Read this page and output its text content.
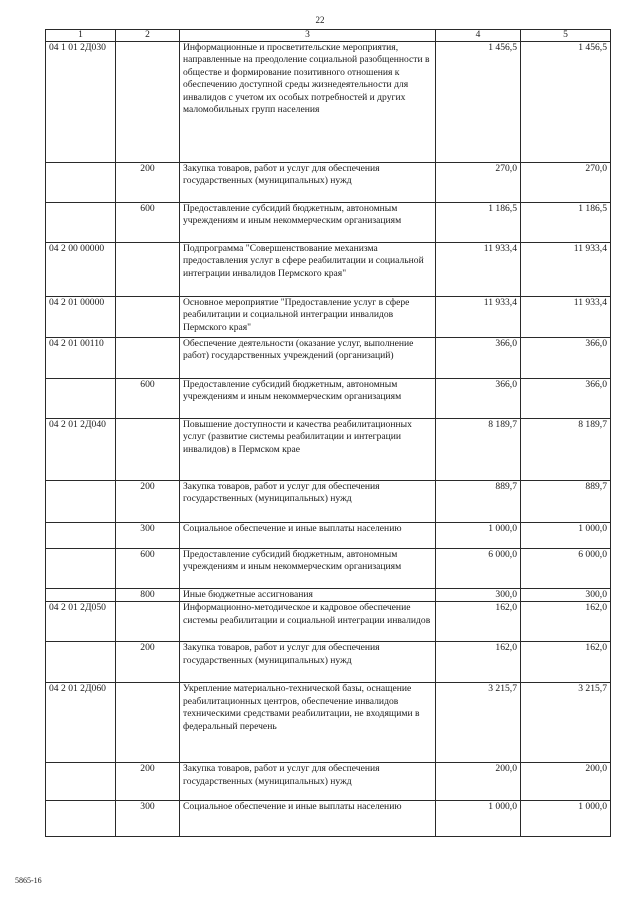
22
1	2	3	4	5
04 1 01 2Д030		Информационные и просветительские мероприятия, направленные на преодоление социальной разобщенности в обществе и формирование позитивного отношения к обеспечению доступной среды жизнедеятельности для инвалидов с учетом их особых потребностей и других маломобильных групп населения	1 456,5	1 456,5
	200	Закупка товаров, работ и услуг для обеспечения государственных (муниципальных) нужд	270,0	270,0
	600	Предоставление субсидий бюджетным, автономным учреждениям и иным некоммерческим организациям	1 186,5	1 186,5
04 2 00 00000		Подпрограмма "Совершенствование механизма предоставления услуг в сфере реабилитации и социальной интеграции инвалидов Пермского края"	11 933,4	11 933,4
04 2 01 00000		Основное мероприятие "Предоставление услуг в сфере реабилитации и социальной интеграции инвалидов Пермского края"	11 933,4	11 933,4
04 2 01 00110		Обеспечение деятельности (оказание услуг, выполнение работ) государственных учреждений (организаций)	366,0	366,0
	600	Предоставление субсидий бюджетным, автономным учреждениям и иным некоммерческим организациям	366,0	366,0
04 2 01 2Д040		Повышение доступности и качества реабилитационных услуг (развитие системы реабилитации и интеграции инвалидов) в Пермском крае	8 189,7	8 189,7
	200	Закупка товаров, работ и услуг для обеспечения государственных (муниципальных) нужд	889,7	889,7
	300	Социальное обеспечение и иные выплаты населению	1 000,0	1 000,0
	600	Предоставление субсидий бюджетным, автономным учреждениям и иным некоммерческим организациям	6 000,0	6 000,0
	800	Иные бюджетные ассигнования	300,0	300,0
04 2 01 2Д050		Информационно-методическое и кадровое обеспечение системы реабилитации и социальной интеграции инвалидов	162,0	162,0
	200	Закупка товаров, работ и услуг для обеспечения государственных (муниципальных) нужд	162,0	162,0
04 2 01 2Д060		Укрепление материально-технической базы, оснащение реабилитационных центров, обеспечение инвалидов техническими средствами реабилитации, не входящими в федеральный перечень	3 215,7	3 215,7
	200	Закупка товаров, работ и услуг для обеспечения государственных (муниципальных) нужд	200,0	200,0
	300	Социальное обеспечение и иные выплаты населению	1 000,0	1 000,0
5865-16
